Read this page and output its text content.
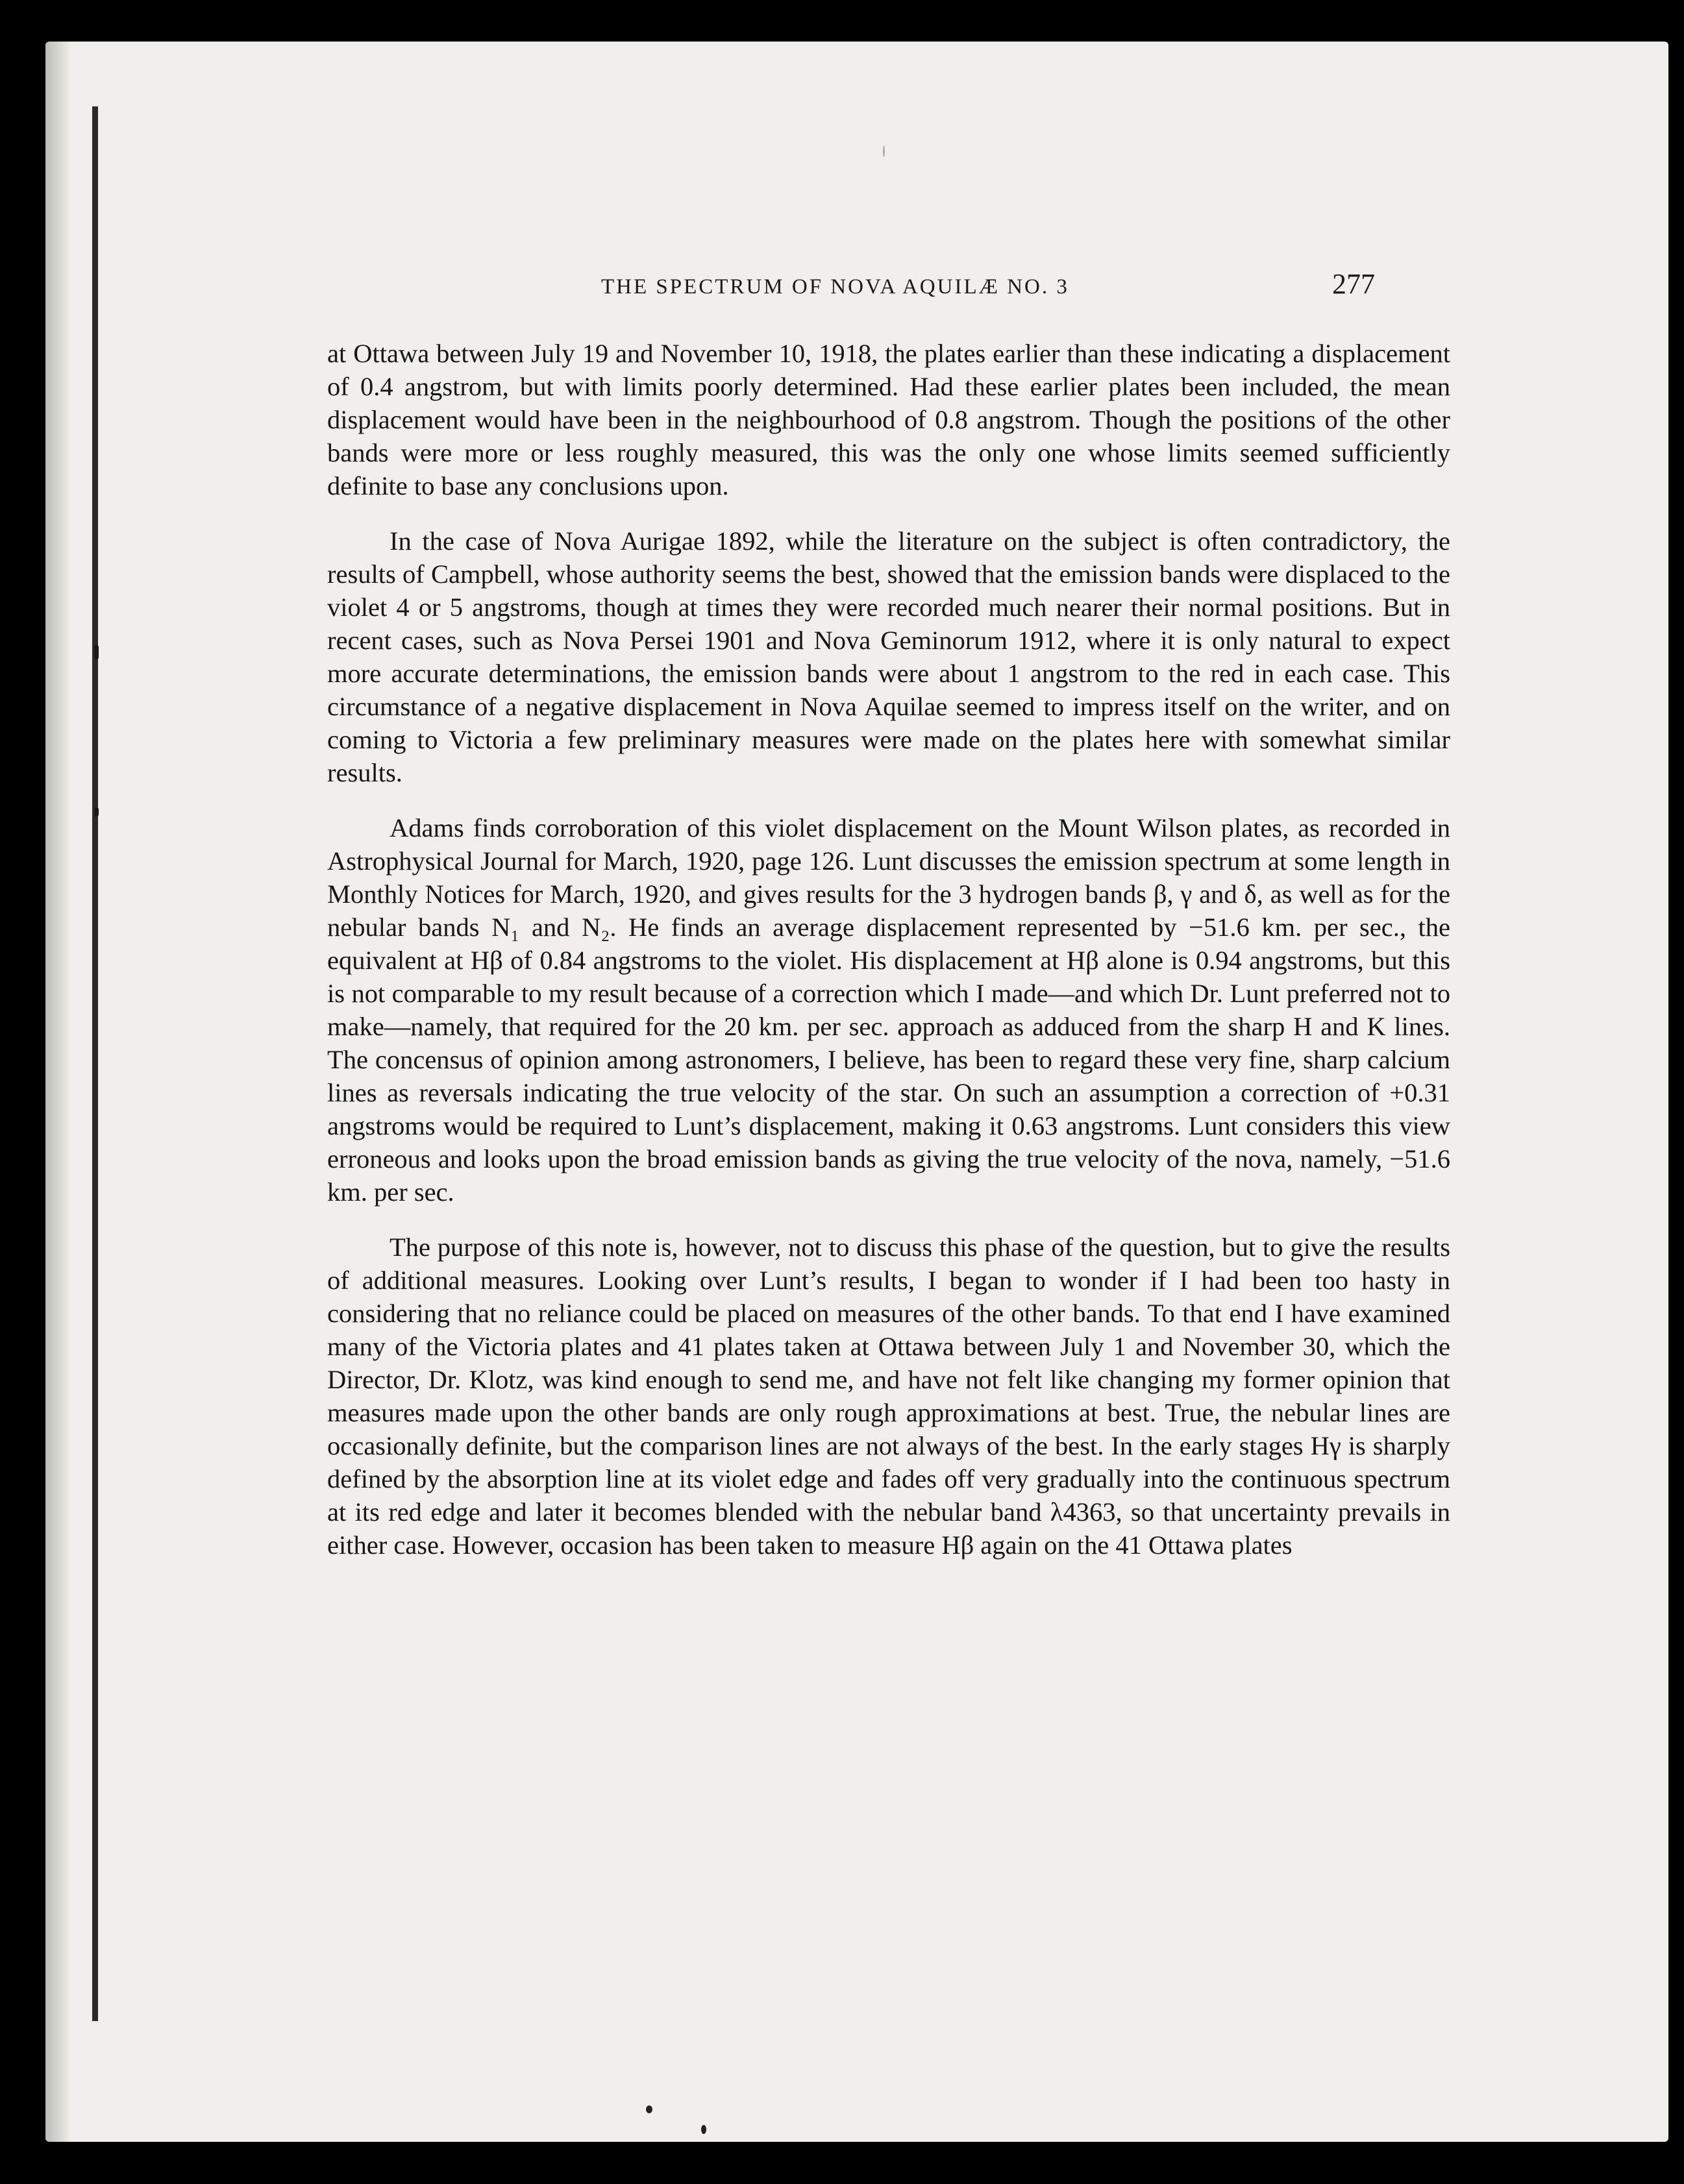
THE SPECTRUM OF NOVA AQUILÆ NO. 3	277

at Ottawa between July 19 and November 10, 1918, the plates earlier than these indicating a displacement of 0.4 angstrom, but with limits poorly determined. Had these earlier plates been included, the mean displacement would have been in the neighbourhood of 0.8 angstrom. Though the positions of the other bands were more or less roughly measured, this was the only one whose limits seemed sufficiently definite to base any conclusions upon.

In the case of Nova Aurigae 1892, while the literature on the subject is often contradictory, the results of Campbell, whose authority seems the best, showed that the emission bands were displaced to the violet 4 or 5 angstroms, though at times they were recorded much nearer their normal positions. But in recent cases, such as Nova Persei 1901 and Nova Geminorum 1912, where it is only natural to expect more accurate determinations, the emission bands were about 1 angstrom to the red in each case. This circumstance of a negative displacement in Nova Aquilae seemed to impress itself on the writer, and on coming to Victoria a few preliminary measures were made on the plates here with somewhat similar results.

Adams finds corroboration of this violet displacement on the Mount Wilson plates, as recorded in Astrophysical Journal for March, 1920, page 126. Lunt discusses the emission spectrum at some length in Monthly Notices for March, 1920, and gives results for the 3 hydrogen bands β, γ and δ, as well as for the nebular bands N₁ and N₂. He finds an average displacement represented by −51.6 km. per sec., the equivalent at Hβ of 0.84 angstroms to the violet. His displacement at Hβ alone is 0.94 angstroms, but this is not comparable to my result because of a correction which I made—and which Dr. Lunt preferred not to make—namely, that required for the 20 km. per sec. approach as adduced from the sharp H and K lines. The concensus of opinion among astronomers, I believe, has been to regard these very fine, sharp calcium lines as reversals indicating the true velocity of the star. On such an assumption a correction of +0.31 angstroms would be required to Lunt’s displacement, making it 0.63 angstroms. Lunt considers this view erroneous and looks upon the broad emission bands as giving the true velocity of the nova, namely, −51.6 km. per sec.

The purpose of this note is, however, not to discuss this phase of the question, but to give the results of additional measures. Looking over Lunt’s results, I began to wonder if I had been too hasty in considering that no reliance could be placed on measures of the other bands. To that end I have examined many of the Victoria plates and 41 plates taken at Ottawa between July 1 and November 30, which the Director, Dr. Klotz, was kind enough to send me, and have not felt like changing my former opinion that measures made upon the other bands are only rough approximations at best. True, the nebular lines are occasionally definite, but the comparison lines are not always of the best. In the early stages Hγ is sharply defined by the absorption line at its violet edge and fades off very gradually into the continuous spectrum at its red edge and later it becomes blended with the nebular band λ4363, so that uncertainty prevails in either case. However, occasion has been taken to measure Hβ again on the 41 Ottawa plates
